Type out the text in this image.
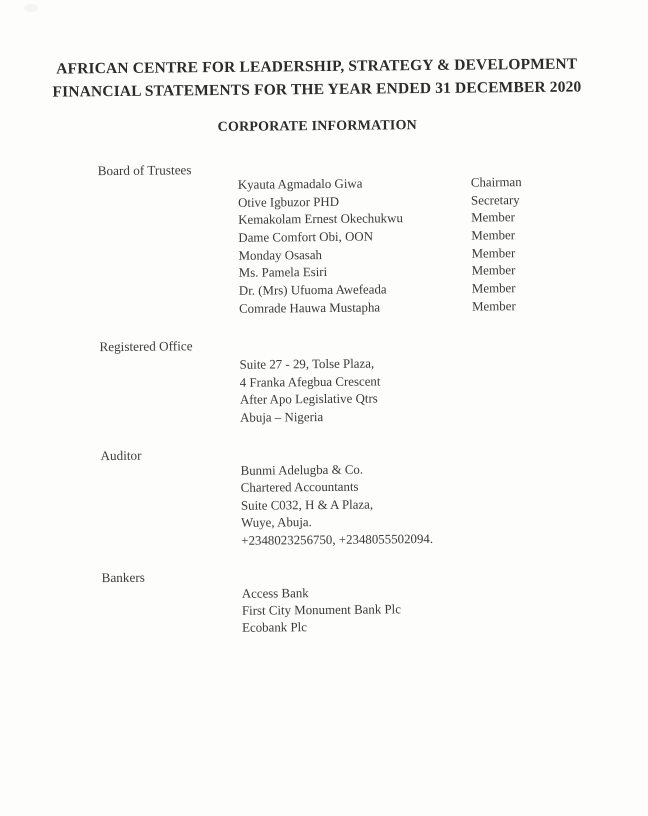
AFRICAN CENTRE FOR LEADERSHIP, STRATEGY & DEVELOPMENT
FINANCIAL STATEMENTS FOR THE YEAR ENDED 31 DECEMBER 2020
CORPORATE INFORMATION
Board of Trustees
Kyauta Agmadalo Giwa	Chairman
Otive Igbuzor PHD	Secretary
Kemakolam Ernest Okechukwu	Member
Dame Comfort Obi, OON	Member
Monday Osasah	Member
Ms. Pamela Esiri	Member
Dr. (Mrs) Ufuoma Awefeada	Member
Comrade Hauwa Mustapha	Member
Registered Office
Suite 27 - 29, Tolse Plaza,
4 Franka Afegbua Crescent
After Apo Legislative Qtrs
Abuja – Nigeria
Auditor
Bunmi Adelugba & Co.
Chartered Accountants
Suite C032, H & A Plaza,
Wuye, Abuja.
+2348023256750, +2348055502094.
Bankers
Access Bank
First City Monument Bank Plc
Ecobank Plc
